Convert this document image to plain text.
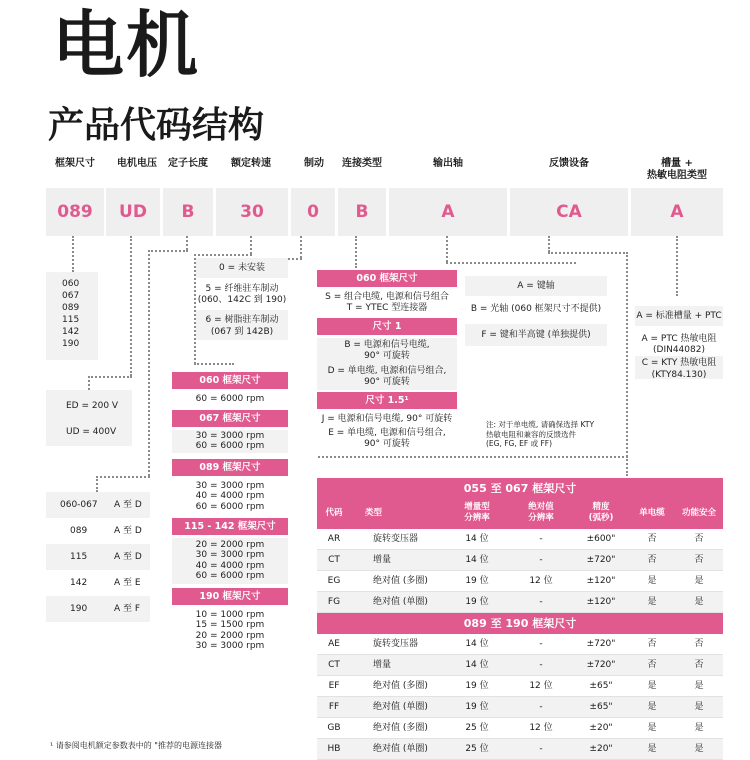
电机
产品代码结构
框架尺寸	电机电压	定子长度	额定转速	制动	连接类型	输出轴	反馈设备	槽量 +
热敏电阻类型
089	UD	B	30	0	B	A	CA	A
060
067
089
115
142
190
ED = 200 V
UD = 400V
060-067 A 至 D
089	A 至 D
115	A 至 D
142	A 至 E
190	A 至 F
0 = 未安装
5 = 纤维驻车制动
(060、142C 到 190)
6 = 树脂驻车制动
(067 到 142B)
060 框架尺寸
60 = 6000 rpm
067 框架尺寸
30 = 3000 rpm
60 = 6000 rpm
089 框架尺寸
30 = 3000 rpm
40 = 4000 rpm
60 = 6000 rpm
115 - 142 框架尺寸
20 = 2000 rpm
30 = 3000 rpm
40 = 4000 rpm
60 = 6000 rpm
190 框架尺寸
10 = 1000 rpm
15 = 1500 rpm
20 = 2000 rpm
30 = 3000 rpm
060 框架尺寸
S = 组合电缆, 电源和信号组合
T = YTEC 型连接器
尺寸 1
B = 电源和信号电缆,
90° 可旋转
D = 单电缆, 电源和信号组合,
90° 可旋转
尺寸 1.5¹
J = 电源和信号电缆, 90° 可旋转
E = 单电缆, 电源和信号组合,
90° 可旋转
A = 键轴
B = 光轴 (060 框架尺寸不提供)
F = 键和半高键 (单独提供)
注: 对于单电缆, 请确保选择 KTY
热敏电阻和兼容的反馈选件
(EG, FG, EF 或 FF)
A = 标准槽量 + PTC
A = PTC 热敏电阻
(DIN44082)
C = KTY 热敏电阻
(KTY84.130)
055 至 067 框架尺寸
代码	类型
增量型
分辨率
绝对值
分辨率
精度
(弧秒)	单电缆	功能安全
AR	旋转变压器	14 位	-	±600"	否	否
CT	增量	14 位	-	±720"	否	否
EG	绝对值 (多圈)	19 位	12 位	±120"	是	是
FG	绝对值 (单圈)	19 位	-	±120"	是	是
089 至 190 框架尺寸
AE	旋转变压器	14 位	-	±720"	否	否
CT	增量	14 位	-	±720"	否	否
EF	绝对值 (多圈)	19 位	12 位	±65"	是	是
FF	绝对值 (单圈)	19 位	-	±65"	是	是
GB	绝对值 (多圈)	25 位	12 位	±20"	是	是
HB	绝对值 (单圈)	25 位	-	±20"	是	是
¹ 请参阅电机额定参数表中的 "推荐的电源连接器
